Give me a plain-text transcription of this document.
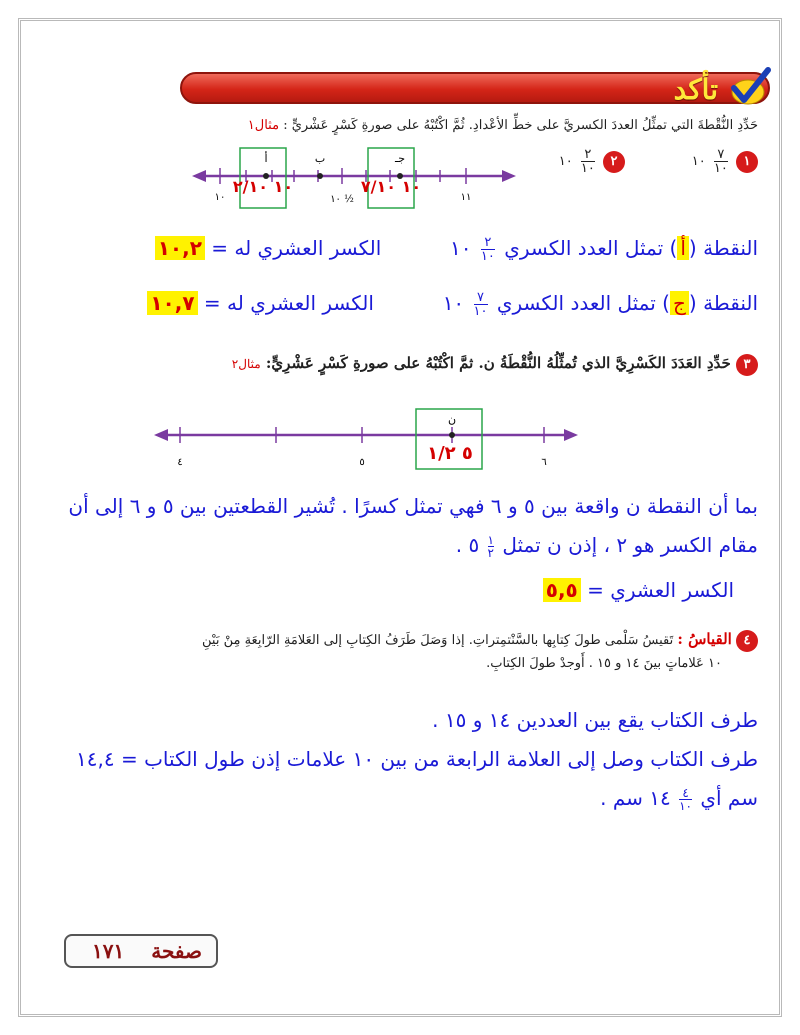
تأكد
حَدِّدِ النُّقْطةَ التي تمثِّلُ العددَ الكسريَّ على خطِّ الأعْدادِ. ثُمَّ اكْتُبْهُ على صورةِ كَسْرٍ عَشْريٍّ : مثال١
١
٧
١٠
١٠
٢
٢
١٠
١٠
أ	ب	جـ
١٠	١٠ ½	١١
١٠ ٢/١٠	١٠ ٧/١٠
النقطة (أ) تمثل العدد الكسري
٢
١٠
١٠  الكسر العشري له = ١٠,٢
النقطة (ج) تمثل العدد الكسري
٧
١٠
١٠  الكسر العشري له = ١٠,٧
٣ حَدِّدِ العَدَدَ الكَسْرِيَّ الذي تُمثِّلُهُ النُّقْطَةُ ن. ثمَّ اكْتُبْهُ على صورةِ كَسْرٍ عَشْرِيٍّ: مثال٢
ن
٥ ١/٢
٤	٥	٦
بما أن النقطة ن واقعة بين ٥ و ٦ فهي تمثل كسرًا . تُشير القطعتين بين ٥ و ٦ إلى أن
مقام الكسر هو ٢ ، إذن ن تمثل
١
٢
٥ .
الكسر العشري = ٥,٥
٤ القياسُ : تَقيسُ سَلْمى طولَ كِتابِها بالسَّنْتمِتراتِ. إذا وَصَلَ طَرَفُ الكِتابِ إلى العَلامَةِ الرّابِعَةِ مِنْ بَيْنِ
١٠ عَلاماتٍ بينَ ١٤ و ١٥ . أَوجدْ طولَ الكِتابِ.
طرف الكتاب يقع بين العددين ١٤ و ١٥ .
طرف الكتاب وصل إلى العلامة الرابعة من بين ١٠ علامات إذن طول الكتاب = ١٤,٤
سم أي
٤
١٠
١٤ سم .
صفحة
١٧١
